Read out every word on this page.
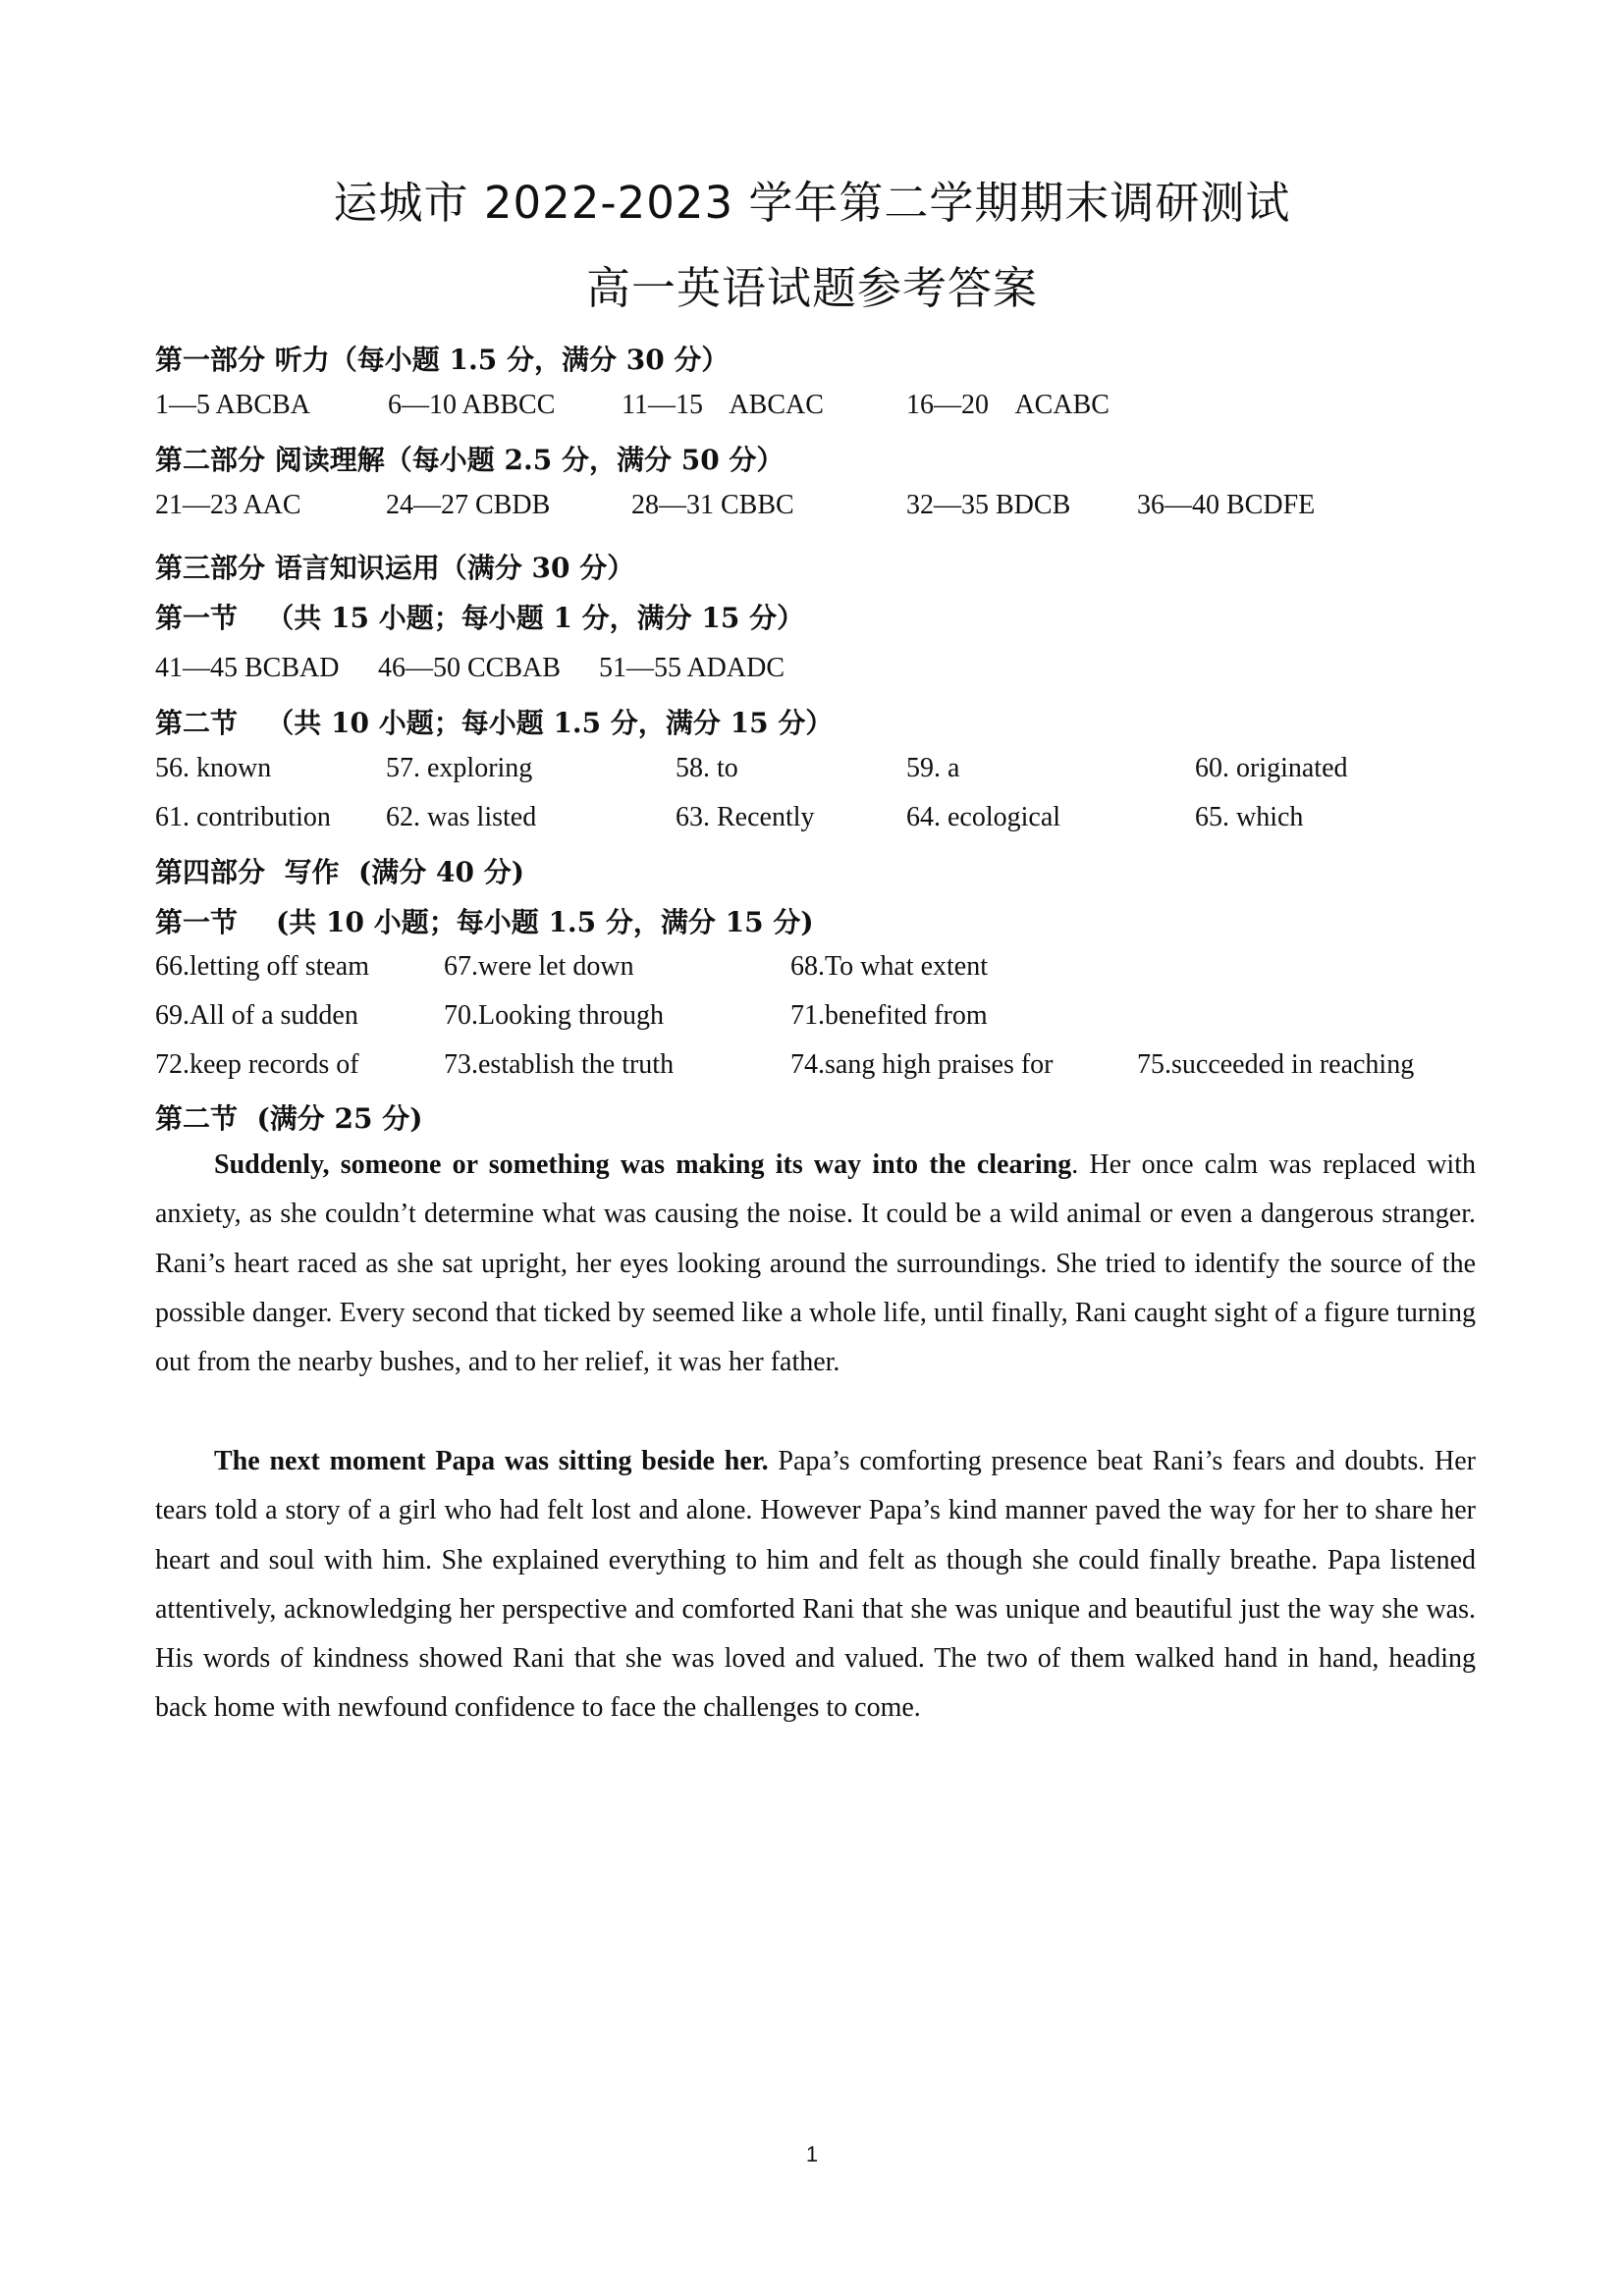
运城市 2022-2023 学年第二学期期末调研测试
高一英语试题参考答案
第一部分 听力（每小题 1.5 分，满分 30 分）
1—5 ABCBA	6—10 ABBCC 11—15    ABCAC	16—20    ACABC
第二部分 阅读理解（每小题 2.5 分，满分 50 分）
21—23 AAC	24—27 CBDB	28—31 CBBC	32—35 BDCB 36—40 BCDFE
第三部分 语言知识运用（满分 30 分）
第一节   （共 15 小题；每小题 1 分，满分 15 分）
41—45 BCBAD 46—50 CCBAB 51—55 ADADC
第二节   （共 10 小题；每小题 1.5 分，满分 15 分）
56. known	57. exploring	58. to	59. a	60. originated
61. contribution 62. was listed	63. Recently	64. ecological	65. which
第四部分  写作  (满分 40 分)
第一节    (共 10 小题；每小题 1.5 分，满分 15 分)
66.letting off steam	67.were let down	68.To what extent
69.All of a sudden	70.Looking through	71.benefited from
72.keep records of	73.establish the truth	74.sang high praises for	75.succeeded in reaching
第二节  (满分 25 分)

Suddenly, someone or something was making its way into the clearing. Her once calm was replaced with anxiety, as she couldn’t determine what was causing the noise. It could be a wild animal or even a dangerous stranger. Rani’s heart raced as she sat upright, her eyes looking around the surroundings. She tried to identify the source of the possible danger. Every second that ticked by seemed like a whole life, until finally, Rani caught sight of a figure turning out from the nearby bushes, and to her relief, it was her father.

The next moment Papa was sitting beside her. Papa’s comforting presence beat Rani’s fears and doubts. Her tears told a story of a girl who had felt lost and alone. However Papa’s kind manner paved the way for her to share her heart and soul with him. She explained everything to him and felt as though she could finally breathe. Papa listened attentively, acknowledging her perspective and comforted Rani that she was unique and beautiful just the way she was. His words of kindness showed Rani that she was loved and valued. The two of them walked hand in hand, heading back home with newfound confidence to face the challenges to come.

1
